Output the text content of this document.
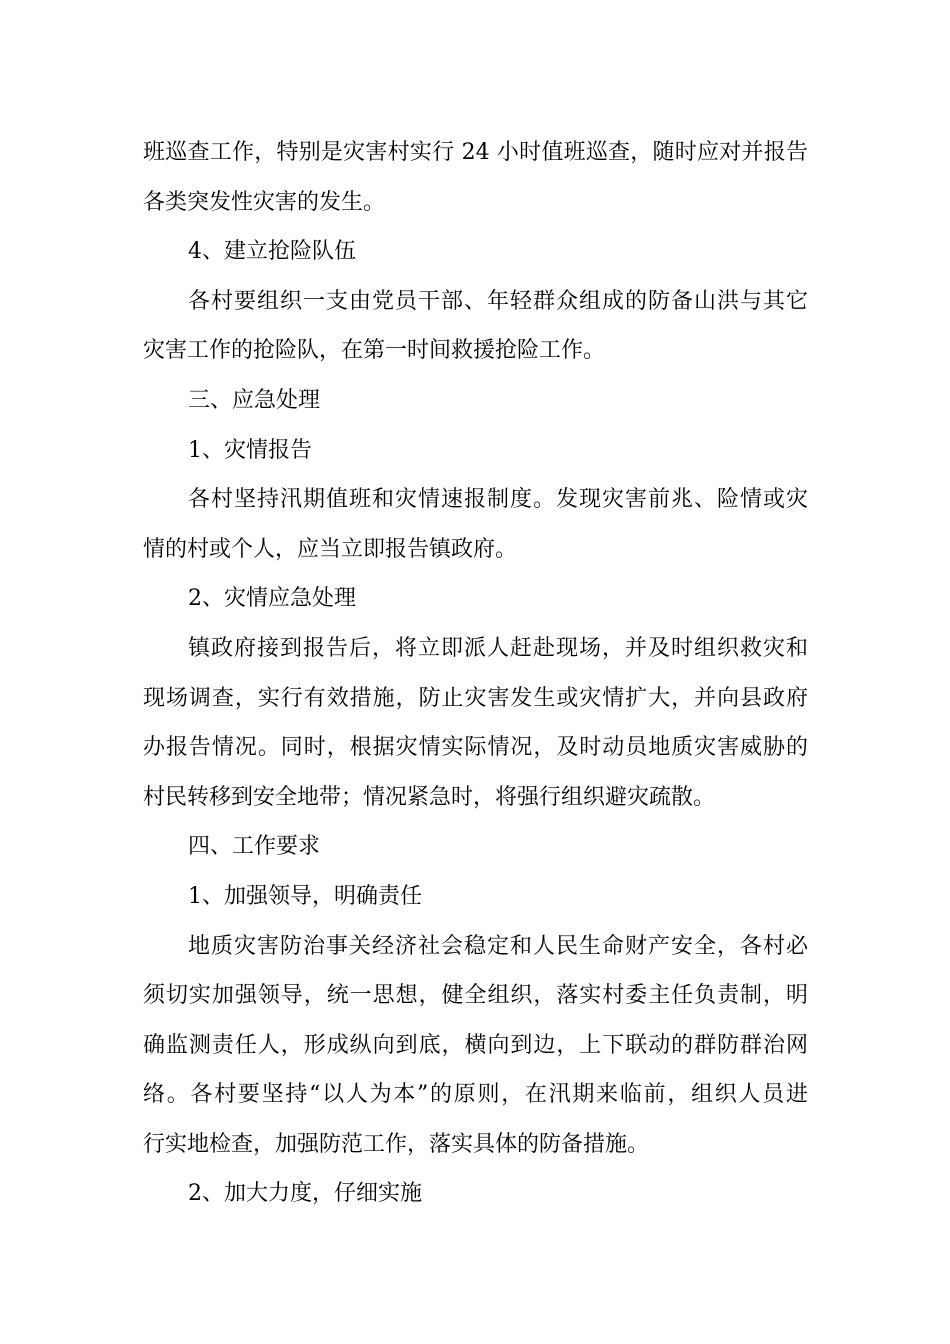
班巡查工作，特别是灾害村实行 24 小时值班巡查，随时应对并报告
各类突发性灾害的发生。
4、建立抢险队伍
各村要组织一支由党员干部、年轻群众组成的防备山洪与其它
灾害工作的抢险队，在第一时间救援抢险工作。
三、应急处理
1、灾情报告
各村坚持汛期值班和灾情速报制度。发现灾害前兆、险情或灾
情的村或个人，应当立即报告镇政府。
2、灾情应急处理
镇政府接到报告后，将立即派人赶赴现场，并及时组织救灾和
现场调查，实行有效措施，防止灾害发生或灾情扩大，并向县政府
办报告情况。同时，根据灾情实际情况，及时动员地质灾害威胁的
村民转移到安全地带；情况紧急时，将强行组织避灾疏散。
四、工作要求
1、加强领导，明确责任
地质灾害防治事关经济社会稳定和人民生命财产安全，各村必
须切实加强领导，统一思想，健全组织，落实村委主任负责制，明
确监测责任人，形成纵向到底，横向到边，上下联动的群防群治网
络。各村要坚持“以人为本”的原则，在汛期来临前，组织人员进
行实地检查，加强防范工作，落实具体的防备措施。
2、加大力度，仔细实施
